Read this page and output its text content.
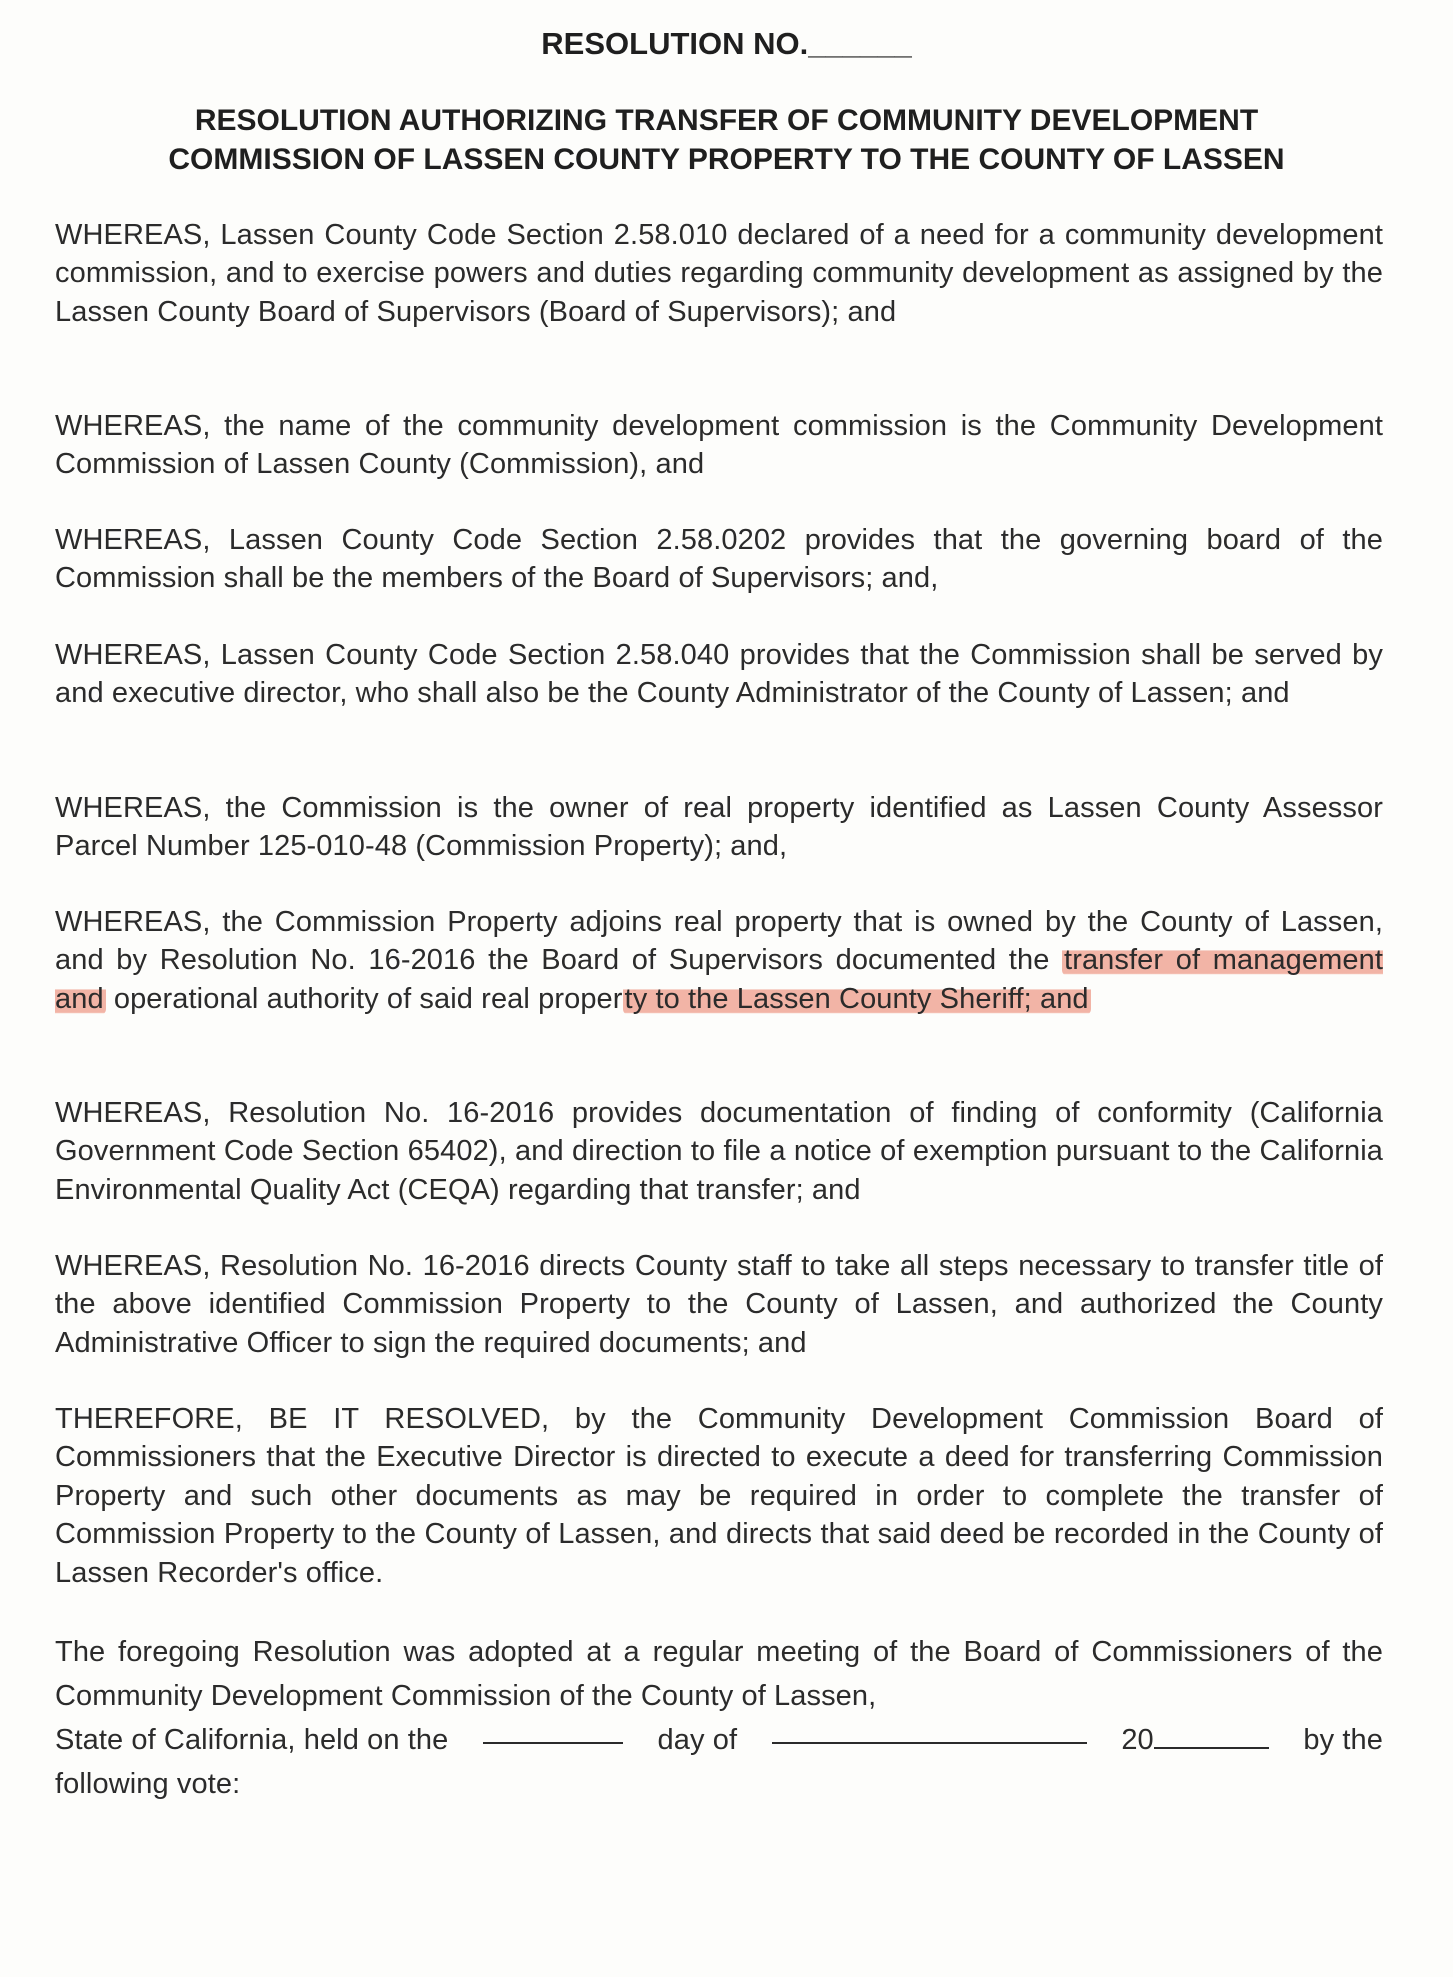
RESOLUTION NO.______
RESOLUTION AUTHORIZING TRANSFER OF COMMUNITY DEVELOPMENT
COMMISSION OF LASSEN COUNTY PROPERTY TO THE COUNTY OF LASSEN

WHEREAS, Lassen County Code Section 2.58.010 declared of a need for a community development commission, and to exercise powers and duties regarding community development as assigned by the Lassen County Board of Supervisors (Board of Supervisors); and

WHEREAS, the name of the community development commission is the Community Development Commission of Lassen County (Commission), and

WHEREAS, Lassen County Code Section 2.58.0202 provides that the governing board of the Commission shall be the members of the Board of Supervisors; and,

WHEREAS, Lassen County Code Section 2.58.040 provides that the Commission shall be served by and executive director, who shall also be the County Administrator of the County of Lassen; and

WHEREAS, the Commission is the owner of real property identified as Lassen County Assessor Parcel Number 125-010-48 (Commission Property); and,

WHEREAS, the Commission Property adjoins real property that is owned by the County of Lassen, and by Resolution No. 16-2016 the Board of Supervisors documented the transfer of management and operational authority of said real property to the Lassen County Sheriff; and

WHEREAS, Resolution No. 16-2016 provides documentation of finding of conformity (California Government Code Section 65402), and direction to file a notice of exemption pursuant to the California Environmental Quality Act (CEQA) regarding that transfer; and

WHEREAS, Resolution No. 16-2016 directs County staff to take all steps necessary to transfer title of the above identified Commission Property to the County of Lassen, and authorized the County Administrative Officer to sign the required documents; and

THEREFORE, BE IT RESOLVED, by the Community Development Commission Board of Commissioners that the Executive Director is directed to execute a deed for transferring Commission Property and such other documents as may be required in order to complete the transfer of Commission Property to the County of Lassen, and directs that said deed be recorded in the County of Lassen Recorder's office.

The foregoing Resolution was adopted at a regular meeting of the Board of Commissioners of the Community Development Commission of the County of Lassen,
State of California, held on the	day of	20	by the
following vote:
